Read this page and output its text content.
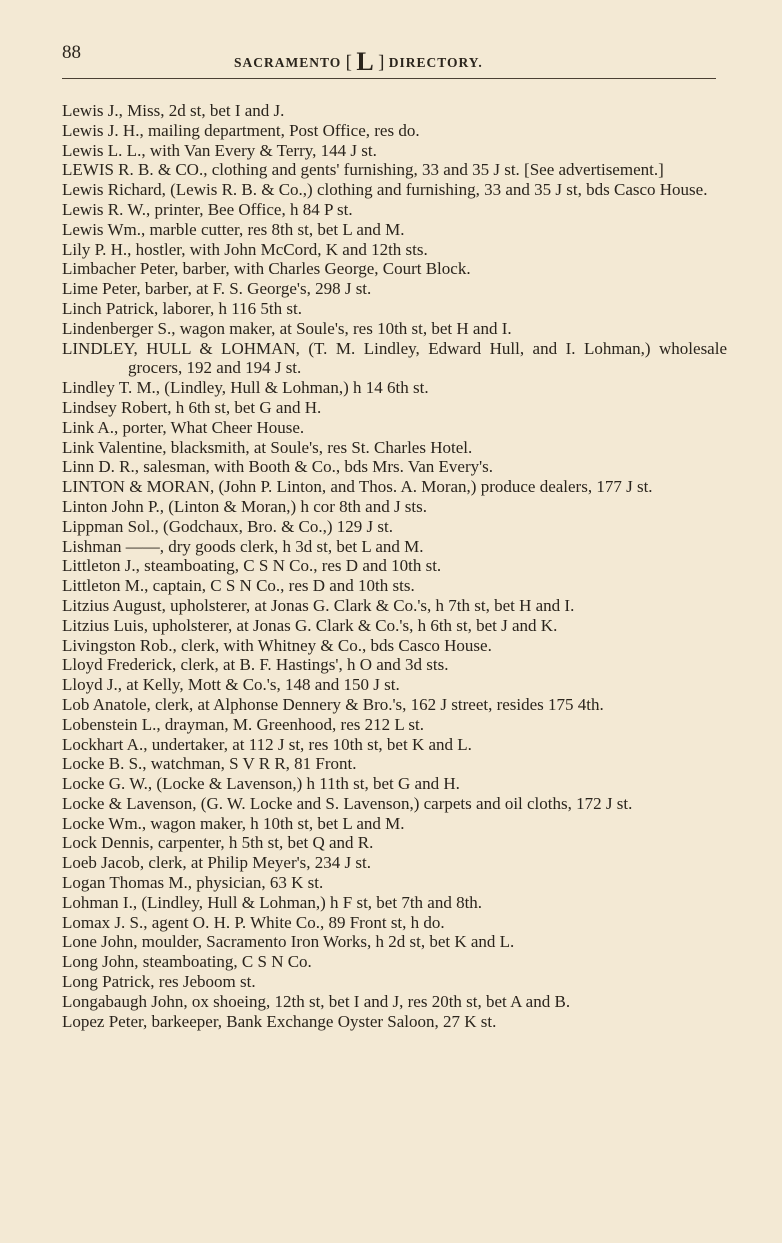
88	SACRAMENTO [ L ] DIRECTORY.

Lewis J., Miss, 2d st, bet I and J.

Lewis J. H., mailing department, Post Office, res do.

Lewis L. L., with Van Every & Terry, 144 J st.

LEWIS R. B. & CO., clothing and gents' furnishing, 33 and 35 J st. [See advertisement.]

Lewis Richard, (Lewis R. B. & Co.,) clothing and furnishing, 33 and 35 J st, bds Casco House.

Lewis R. W., printer, Bee Office, h 84 P st.

Lewis Wm., marble cutter, res 8th st, bet L and M.

Lily P. H., hostler, with John McCord, K and 12th sts.

Limbacher Peter, barber, with Charles George, Court Block.

Lime Peter, barber, at F. S. George's, 298 J st.

Linch Patrick, laborer, h 116 5th st.

Lindenberger S., wagon maker, at Soule's, res 10th st, bet H and I.

LINDLEY, HULL & LOHMAN, (T. M. Lindley, Edward Hull, and I. Lohman,) wholesale grocers, 192 and 194 J st.

Lindley T. M., (Lindley, Hull & Lohman,) h 14 6th st.

Lindsey Robert, h 6th st, bet G and H.

Link A., porter, What Cheer House.

Link Valentine, blacksmith, at Soule's, res St. Charles Hotel.

Linn D. R., salesman, with Booth & Co., bds Mrs. Van Every's.

LINTON & MORAN, (John P. Linton, and Thos. A. Moran,) produce dealers, 177 J st.

Linton John P., (Linton & Moran,) h cor 8th and J sts.

Lippman Sol., (Godchaux, Bro. & Co.,) 129 J st.

Lishman ——, dry goods clerk, h 3d st, bet L and M.

Littleton J., steamboating, C S N Co., res D and 10th st.

Littleton M., captain, C S N Co., res D and 10th sts.

Litzius August, upholsterer, at Jonas G. Clark & Co.'s, h 7th st, bet H and I.

Litzius Luis, upholsterer, at Jonas G. Clark & Co.'s, h 6th st, bet J and K.

Livingston Rob., clerk, with Whitney & Co., bds Casco House.

Lloyd Frederick, clerk, at B. F. Hastings', h O and 3d sts.

Lloyd J., at Kelly, Mott & Co.'s, 148 and 150 J st.

Lob Anatole, clerk, at Alphonse Dennery & Bro.'s, 162 J street, resides 175 4th.

Lobenstein L., drayman, M. Greenhood, res 212 L st.

Lockhart A., undertaker, at 112 J st, res 10th st, bet K and L.

Locke B. S., watchman, S V R R, 81 Front.

Locke G. W., (Locke & Lavenson,) h 11th st, bet G and H.

Locke & Lavenson, (G. W. Locke and S. Lavenson,) carpets and oil cloths, 172 J st.

Locke Wm., wagon maker, h 10th st, bet L and M.

Lock Dennis, carpenter, h 5th st, bet Q and R.

Loeb Jacob, clerk, at Philip Meyer's, 234 J st.

Logan Thomas M., physician, 63 K st.

Lohman I., (Lindley, Hull & Lohman,) h F st, bet 7th and 8th.

Lomax J. S., agent O. H. P. White Co., 89 Front st, h do.

Lone John, moulder, Sacramento Iron Works, h 2d st, bet K and L.

Long John, steamboating, C S N Co.

Long Patrick, res Jeboom st.

Longabaugh John, ox shoeing, 12th st, bet I and J, res 20th st, bet A and B.

Lopez Peter, barkeeper, Bank Exchange Oyster Saloon, 27 K st.
